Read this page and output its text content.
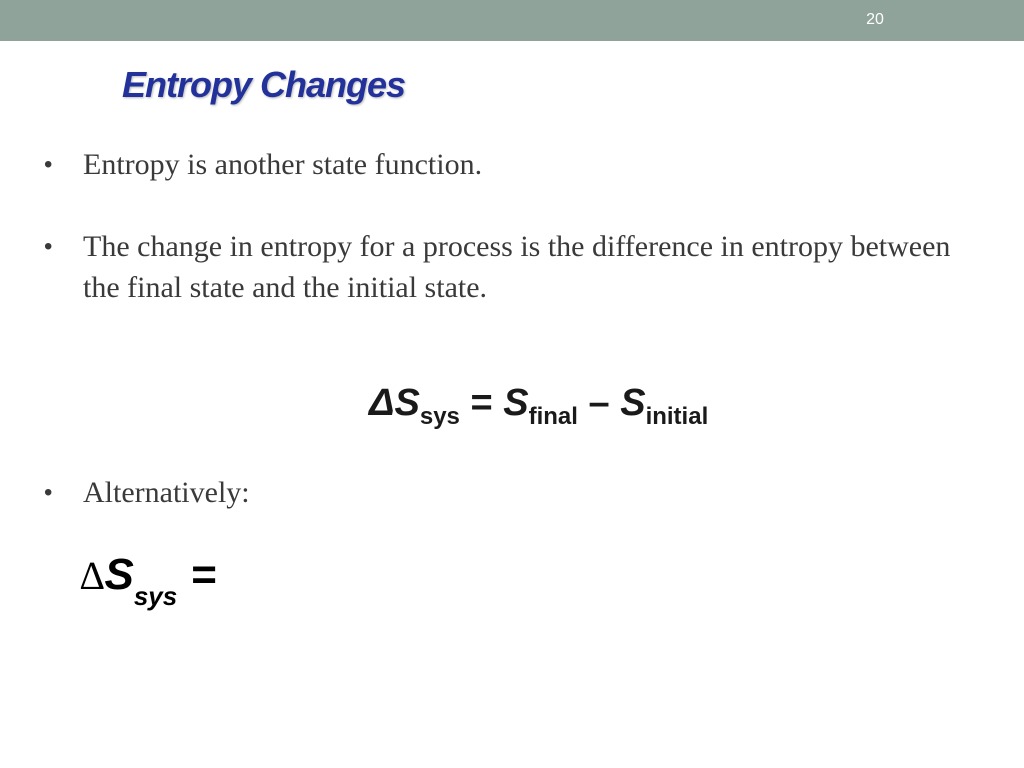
20
Entropy Changes
• Entropy is another state function.
• The change in entropy for a process is the difference in entropy between the final state and the initial state.
$\Delta S_{sys} = S_{final} - S_{initial}$
• Alternatively:
$\Delta S_{sys}$ =
